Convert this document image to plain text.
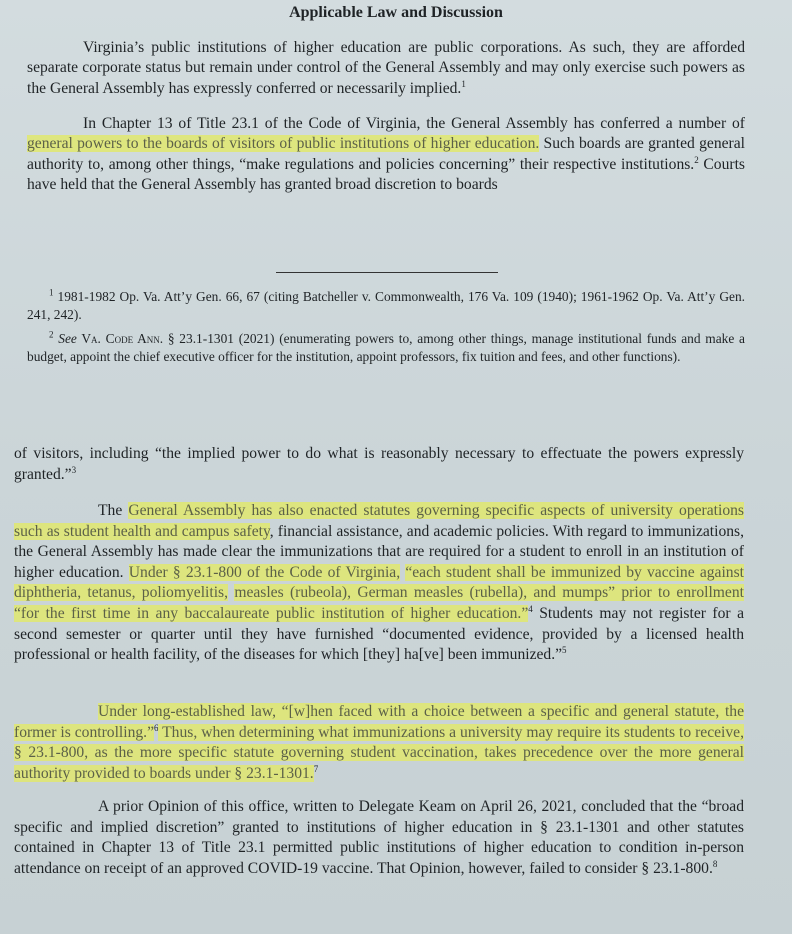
Applicable Law and Discussion

Virginia’s public institutions of higher education are public corporations. As such, they are afforded separate corporate status but remain under control of the General Assembly and may only exercise such powers as the General Assembly has expressly conferred or necessarily implied.$^1$

In Chapter 13 of Title 23.1 of the Code of Virginia, the General Assembly has conferred a number of general powers to the boards of visitors of public institutions of higher education. Such boards are granted general authority to, among other things, “make regulations and policies concerning” their respective institutions.$^2$ Courts have held that the General Assembly has granted broad discretion to boards

$^1$ 1981-1982 Op. Va. Att’y Gen. 66, 67 (citing Batcheller v. Commonwealth, 176 Va. 109 (1940); 1961-1962 Op. Va. Att’y Gen. 241, 242).

$^2$ See Va. Code Ann. § 23.1-1301 (2021) (enumerating powers to, among other things, manage institutional funds and make a budget, appoint the chief executive officer for the institution, appoint professors, fix tuition and fees, and other functions).

of visitors, including “the implied power to do what is reasonably necessary to effectuate the powers expressly granted.”$^3$

The General Assembly has also enacted statutes governing specific aspects of university operations such as student health and campus safety, financial assistance, and academic policies. With regard to immunizations, the General Assembly has made clear the immunizations that are required for a student to enroll in an institution of higher education. Under § 23.1-800 of the Code of Virginia, “each student shall be immunized by vaccine against diphtheria, tetanus, poliomyelitis, measles (rubeola), German measles (rubella), and mumps” prior to enrollment “for the first time in any baccalaureate public institution of higher education.”$^4$ Students may not register for a second semester or quarter until they have furnished “documented evidence, provided by a licensed health professional or health facility, of the diseases for which [they] ha[ve] been immunized.”$^5$

Under long-established law, “[w]hen faced with a choice between a specific and general statute, the former is controlling.”$^6$ Thus, when determining what immunizations a university may require its students to receive, § 23.1-800, as the more specific statute governing student vaccination, takes precedence over the more general authority provided to boards under § 23.1-1301.$^7$

A prior Opinion of this office, written to Delegate Keam on April 26, 2021, concluded that the “broad specific and implied discretion” granted to institutions of higher education in § 23.1-1301 and other statutes contained in Chapter 13 of Title 23.1 permitted public institutions of higher education to condition in-person attendance on receipt of an approved COVID-19 vaccine. That Opinion, however, failed to consider § 23.1-800.$^8$
